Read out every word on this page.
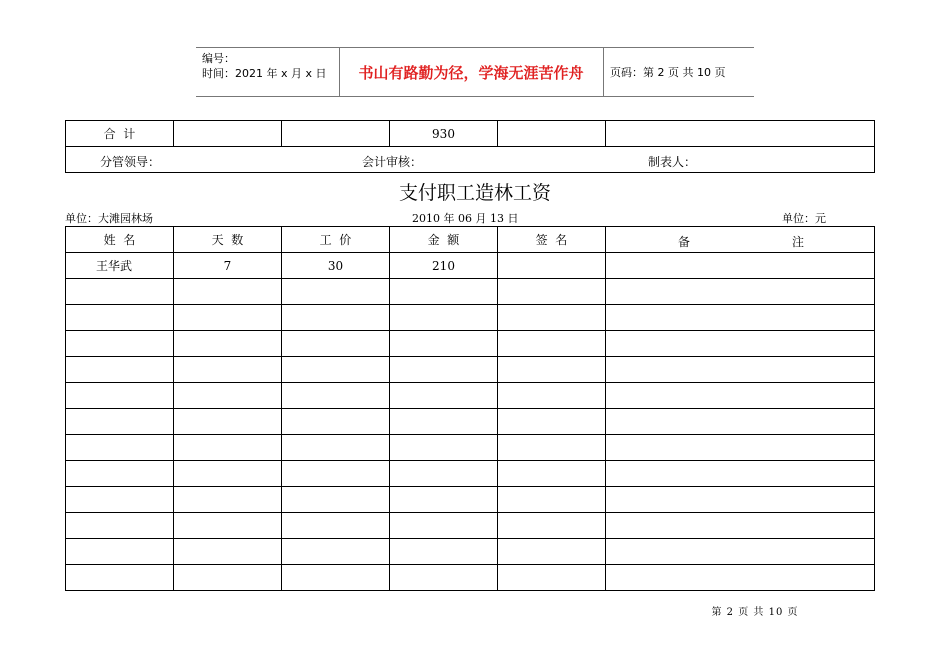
编号：
时间：2021 年 x 月 x 日	书山有路勤为径，学海无涯苦作舟	页码：第 2 页 共 10 页
合  计			930		

分管领导：	会计审核：	制表人：
支付职工造林工资
单位：大滩园林场	2010 年 06 月 13 日	单位：元
姓  名	天  数	工  价	金  额	签  名	备 注

王华武	7	30	210		

第 2 页 共 10 页
